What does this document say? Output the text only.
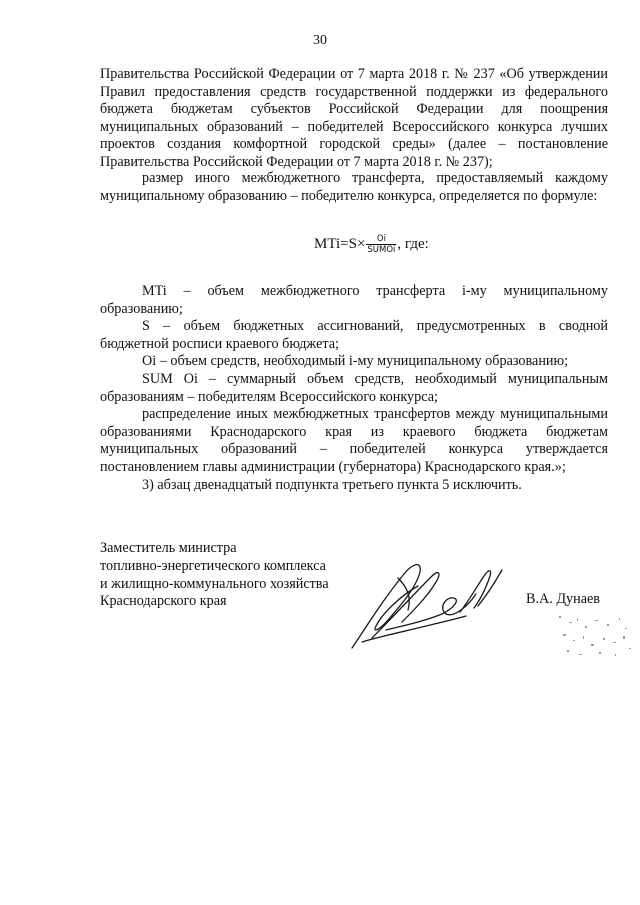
30

Правительства Российской Федерации от 7 марта 2018 г. № 237 «Об утверждении Правил предоставления средств государственной поддержки из федерального бюджета бюджетам субъектов Российской Федерации для поощрения муниципальных образований – победителей Всероссийского конкурса лучших проектов создания комфортной городской среды» (далее – постановление Правительства Российской Федерации от 7 марта 2018 г. № 237);

размер иного межбюджетного трансферта, предоставляемый каждому муниципальному образованию – победителю конкурса, определяется по формуле:

$MTi=S\times \frac{Oi}{\text{SUMOi}}$ , где:

MTi – объем межбюджетного трансферта i-му муниципальному образованию;

S – объем бюджетных ассигнований, предусмотренных в сводной бюджетной росписи краевого бюджета;

Oi – объем средств, необходимый i-му муниципальному образованию;

SUM Oi – суммарный объем средств, необходимый муниципальным образованиям – победителям Всероссийского конкурса;

распределение иных межбюджетных трансфертов между муниципальными образованиями Краснодарского края из краевого бюджета бюджетам муниципальных образований – победителей конкурса утверждается постановлением главы администрации (губернатора) Краснодарского края.»;

3) абзац двенадцатый подпункта третьего пункта 5 исключить.

Заместитель министра
топливно-энергетического комплекса
и жилищно-коммунального хозяйства
Краснодарского края	В.А. Дунаев
